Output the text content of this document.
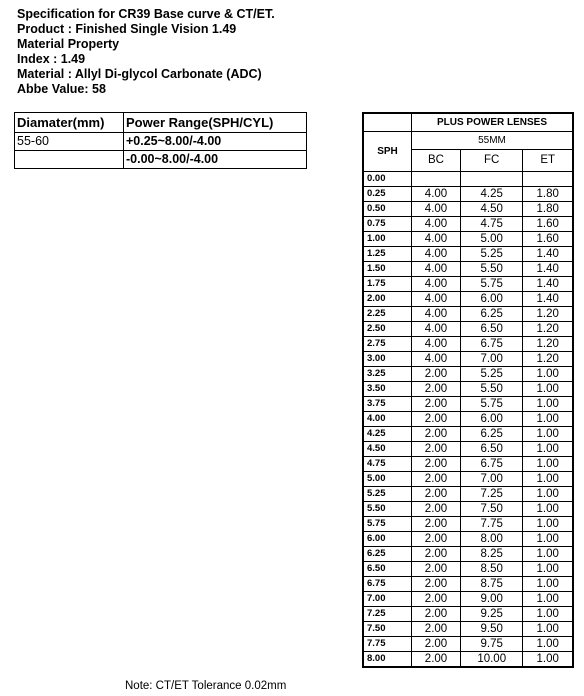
Specification for CR39 Base curve & CT/ET.
Product : Finished Single Vision 1.49
Material Property
Index : 1.49
Material : Allyl Di-glycol Carbonate (ADC)
Abbe Value: 58
Diamater(mm)	Power Range(SPH/CYL)
55-60	+0.25~8.00/-4.00
	-0.00~8.00/-4.00
	PLUS POWER LENSES		
SPH	55MM		
	BC	FC	ET
0.00			
0.25	4.00	4.25	1.80
0.50	4.00	4.50	1.80
0.75	4.00	4.75	1.60
1.00	4.00	5.00	1.60
1.25	4.00	5.25	1.40
1.50	4.00	5.50	1.40
1.75	4.00	5.75	1.40
2.00	4.00	6.00	1.40
2.25	4.00	6.25	1.20
2.50	4.00	6.50	1.20
2.75	4.00	6.75	1.20
3.00	4.00	7.00	1.20
3.25	2.00	5.25	1.00
3.50	2.00	5.50	1.00
3.75	2.00	5.75	1.00
4.00	2.00	6.00	1.00
4.25	2.00	6.25	1.00
4.50	2.00	6.50	1.00
4.75	2.00	6.75	1.00
5.00	2.00	7.00	1.00
5.25	2.00	7.25	1.00
5.50	2.00	7.50	1.00
5.75	2.00	7.75	1.00
6.00	2.00	8.00	1.00
6.25	2.00	8.25	1.00
6.50	2.00	8.50	1.00
6.75	2.00	8.75	1.00
7.00	2.00	9.00	1.00
7.25	2.00	9.25	1.00
7.50	2.00	9.50	1.00
7.75	2.00	9.75	1.00
8.00	2.00	10.00	1.00
Note: CT/ET Tolerance 0.02mm
